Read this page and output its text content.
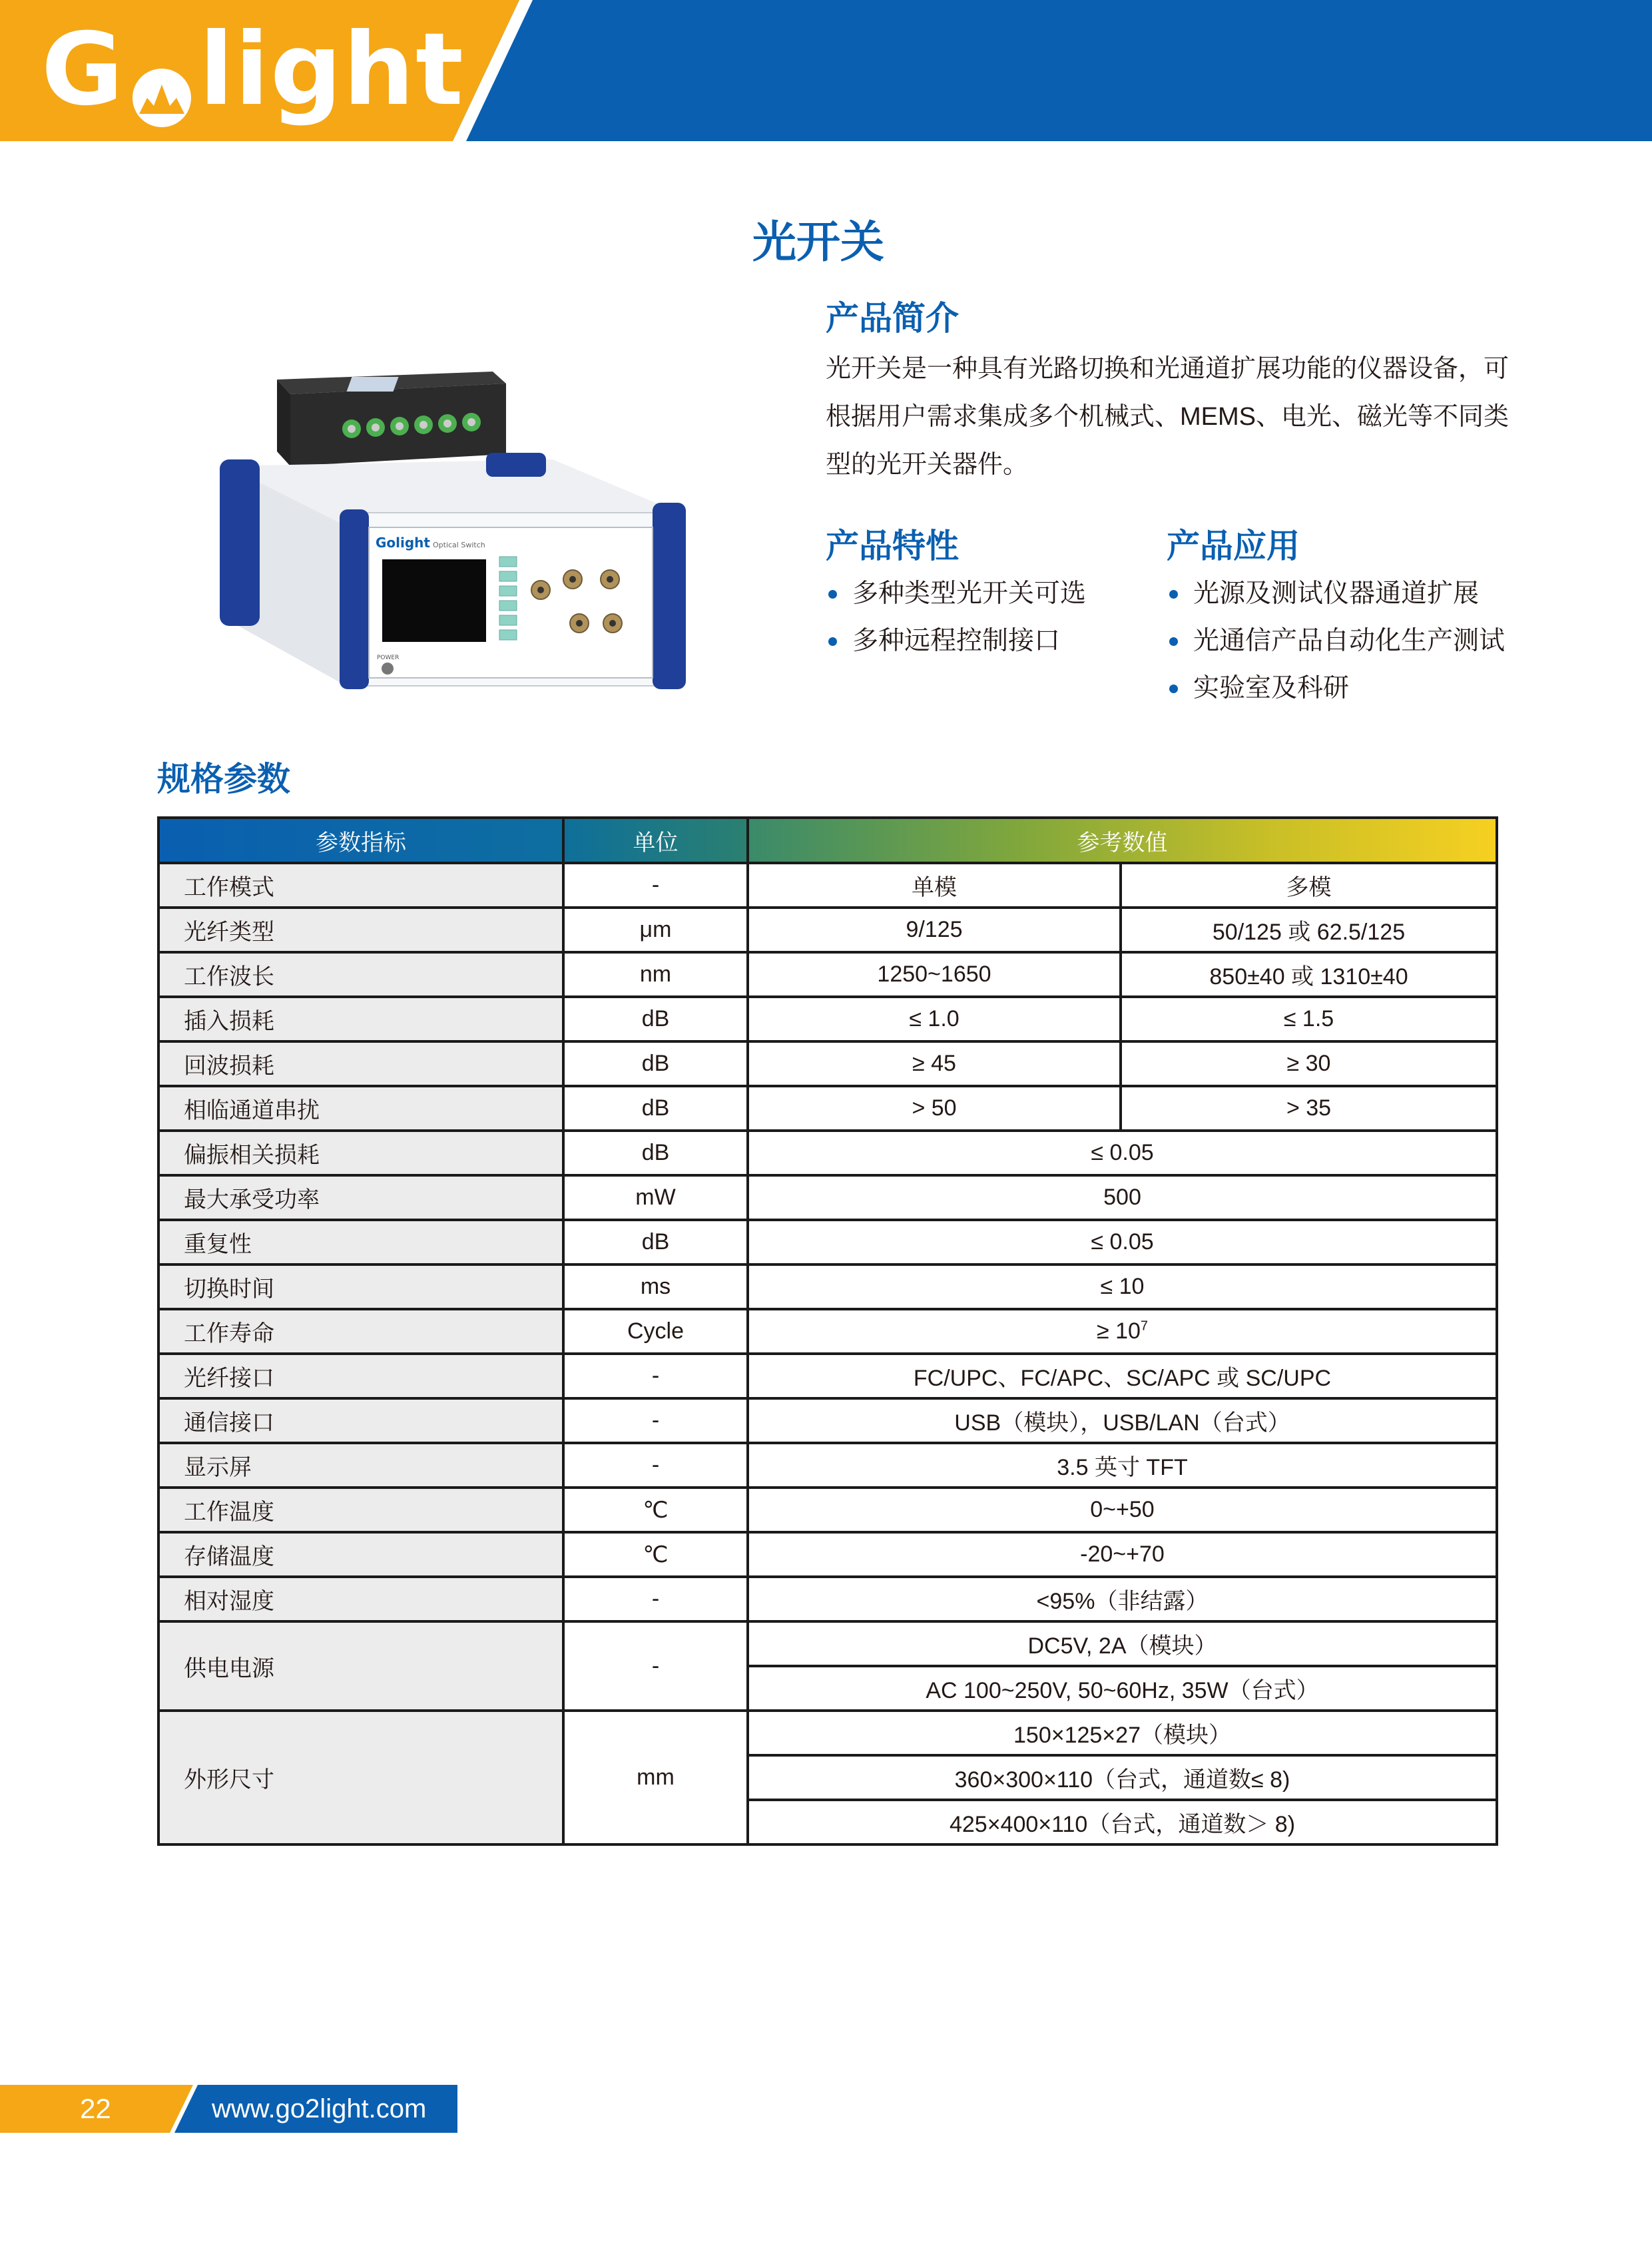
G light
光开关
产品简介
光开关是一种具有光路切换和光通道扩展功能的仪器设备，可根据用户需求集成多个机械式、MEMS、电光、磁光等不同类型的光开关器件。
产品特性
多种类型光开关可选
多种远程控制接口
产品应用
光源及测试仪器通道扩展
光通信产品自动化生产测试
实验室及科研
Golight Optical Switch
POWER
规格参数
参数指标	单位	参考数值	
工作模式	-	单模	多模
光纤类型	μm	9/125	50/125 或 62.5/125
工作波长	nm	1250~1650	850±40 或 1310±40
插入损耗	dB	≤ 1.0	≤ 1.5
回波损耗	dB	≥ 45	≥ 30
相临通道串扰	dB	> 50	> 35
偏振相关损耗	dB	≤ 0.05	
最大承受功率	mW	500	
重复性	dB	≤ 0.05	
切换时间	ms	≤ 10	
工作寿命	Cycle	≥ $10^7$
光纤接口	-	FC/UPC、FC/APC、SC/APC 或 SC/UPC	
通信接口	-	USB（模块），USB/LAN（台式）	
显示屏	-	3.5 英寸 TFT	
工作温度	℃	0~+50	
存储温度	℃	-20~+70	
相对湿度	-	<95%（非结露）	
供电电源	-	DC5V, 2A（模块）	
		AC 100~250V, 50~60Hz, 35W（台式）	
外形尺寸	mm	150×125×27（模块）	
		360×300×110（台式，通道数≤ 8)	
		425×400×110（台式，通道数＞ 8)	
22	www.go2light.com
